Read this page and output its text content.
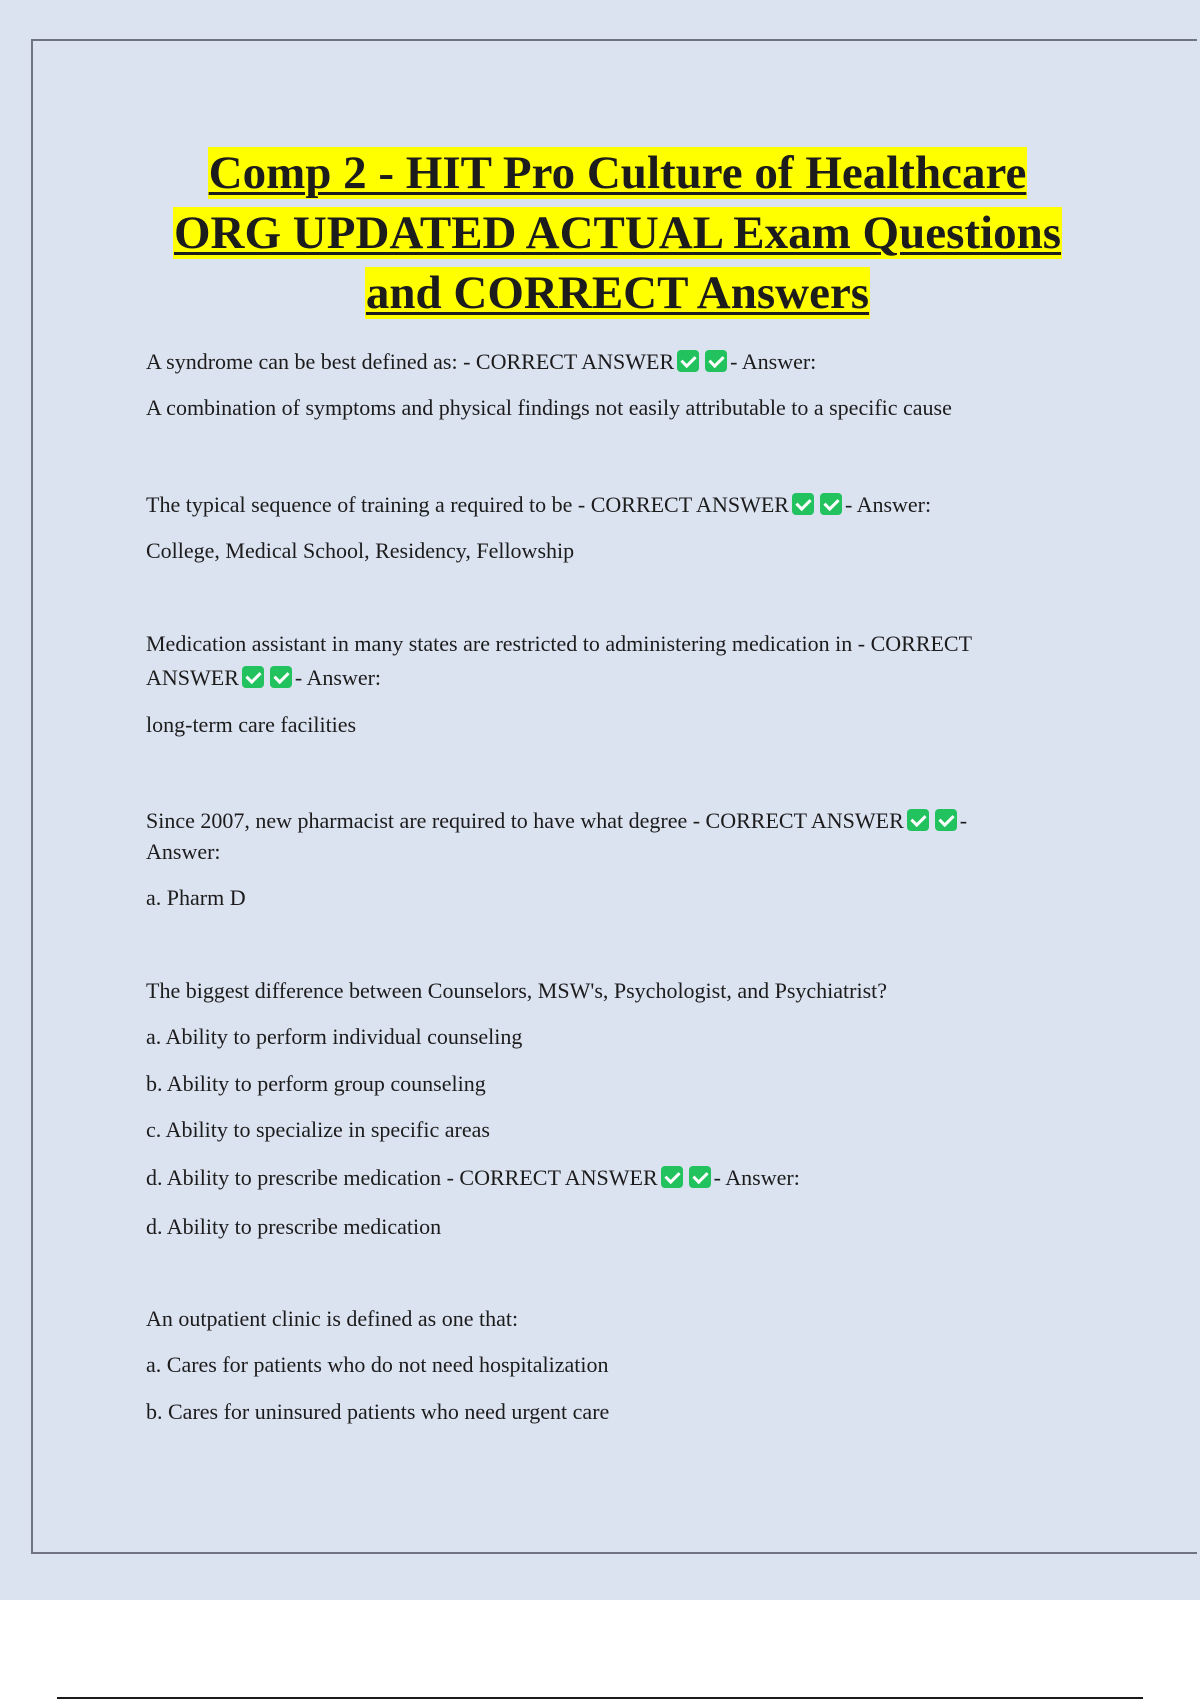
Comp 2 - HIT Pro Culture of Healthcare
ORG UPDATED ACTUAL Exam Questions
and CORRECT Answers
A syndrome can be best defined as: - CORRECT ANSWER	- Answer:
A combination of symptoms and physical findings not easily attributable to a specific cause
The typical sequence of training a required to be - CORRECT ANSWER	- Answer:
College, Medical School, Residency, Fellowship
Medication assistant in many states are restricted to administering medication in - CORRECT
ANSWER	- Answer:
long-term care facilities
Since 2007, new pharmacist are required to have what degree - CORRECT ANSWER	-
Answer:
a. Pharm D
The biggest difference between Counselors, MSW's, Psychologist, and Psychiatrist?
a. Ability to perform individual counseling
b. Ability to perform group counseling
c. Ability to specialize in specific areas
d. Ability to prescribe medication - CORRECT ANSWER	- Answer:
d. Ability to prescribe medication
An outpatient clinic is defined as one that:
a. Cares for patients who do not need hospitalization
b. Cares for uninsured patients who need urgent care
